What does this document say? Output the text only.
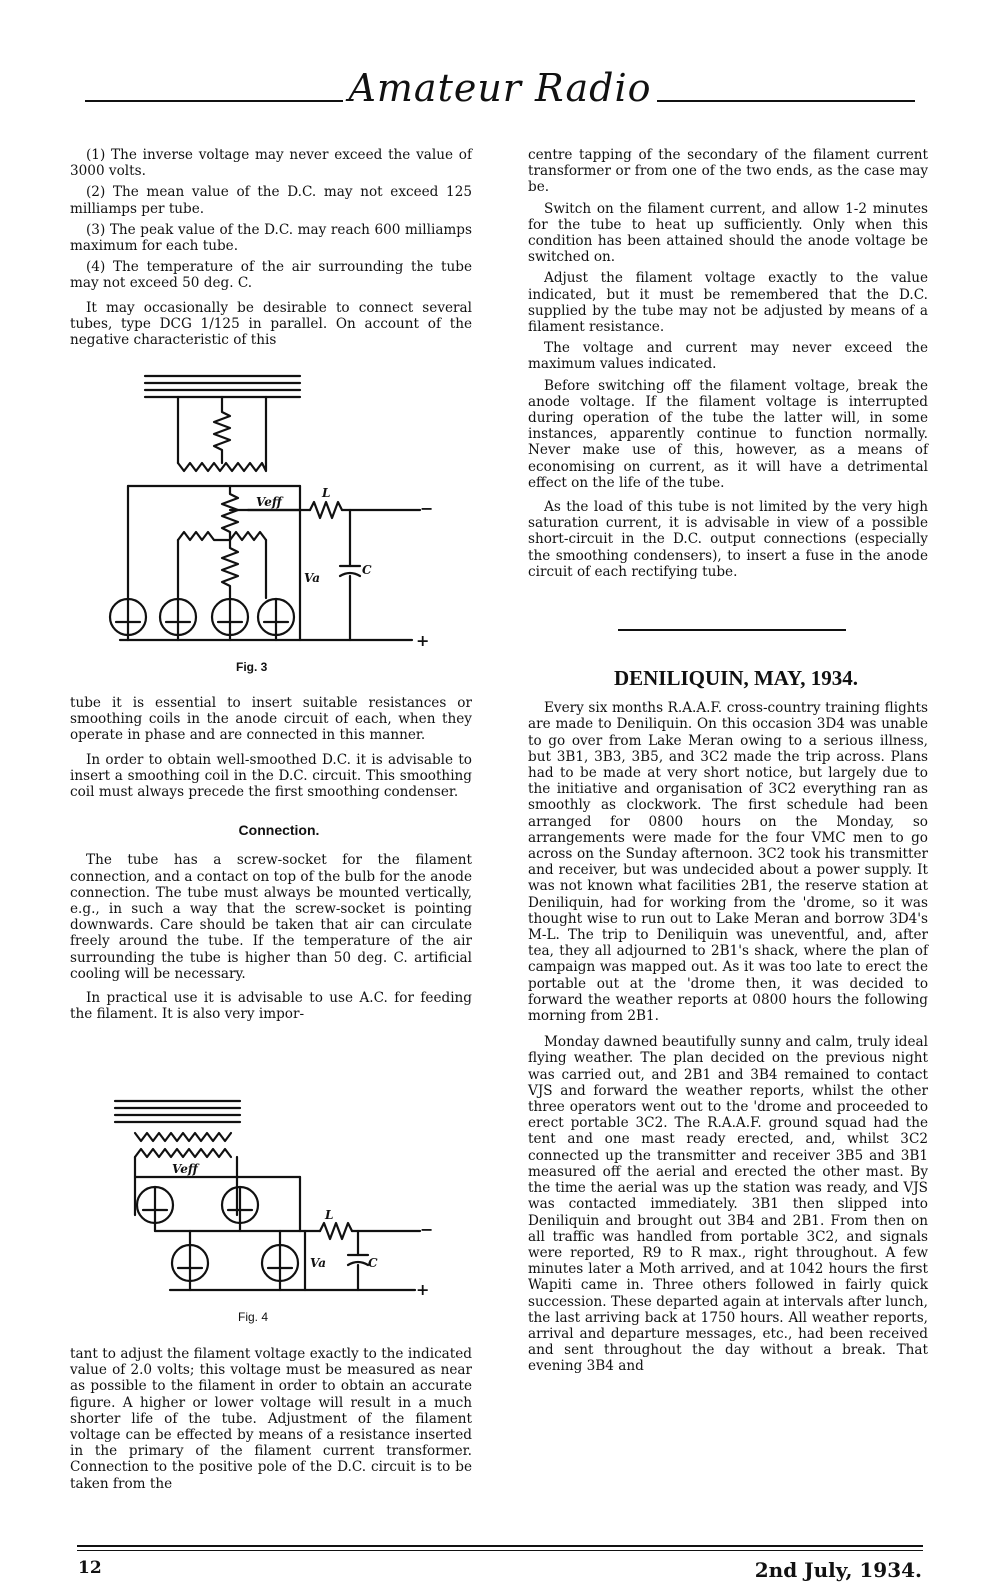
Amateur Radio

(1) The inverse voltage may never exceed the value of 3000 volts.

(2) The mean value of the D.C. may not exceed 125 milliamps per tube.

(3) The peak value of the D.C. may reach 600 milliamps maximum for each tube.

(4) The temperature of the air surrounding the tube may not exceed 50 deg. C.

It may occasionally be desirable to connect several tubes, type DCG 1/125 in parallel. On account of the negative characteristic of this

Veff
L
Va
C
−
+
Fig. 3

tube it is essential to insert suitable resistances or smoothing coils in the anode circuit of each, when they operate in phase and are connected in this manner.

In order to obtain well-smoothed D.C. it is advisable to insert a smoothing coil in the D.C. circuit. This smoothing coil must always precede the first smoothing condenser.

Connection.

The tube has a screw-socket for the filament connection, and a contact on top of the bulb for the anode connection. The tube must always be mounted vertically, e.g., in such a way that the screw-socket is pointing downwards. Care should be taken that air can circulate freely around the tube. If the temperature of the air surrounding the tube is higher than 50 deg. C. artificial cooling will be necessary.

In practical use it is advisable to use A.C. for feeding the filament. It is also very impor-

Veff
L
Va	C
−
+
Fig. 4

tant to adjust the filament voltage exactly to the indicated value of 2.0 volts; this voltage must be measured as near as possible to the filament in order to obtain an accurate figure. A higher or lower voltage will result in a much shorter life of the tube. Adjustment of the filament voltage can be effected by means of a resistance inserted in the primary of the filament current transformer. Connection to the positive pole of the D.C. circuit is to be taken from the

centre tapping of the secondary of the filament current transformer or from one of the two ends, as the case may be.

Switch on the filament current, and allow 1-2 minutes for the tube to heat up sufficiently. Only when this condition has been attained should the anode voltage be switched on.

Adjust the filament voltage exactly to the value indicated, but it must be remembered that the D.C. supplied by the tube may not be adjusted by means of a filament resistance.

The voltage and current may never exceed the maximum values indicated.

Before switching off the filament voltage, break the anode voltage. If the filament voltage is interrupted during operation of the tube the latter will, in some instances, apparently continue to function normally. Never make use of this, however, as a means of economising on current, as it will have a detrimental effect on the life of the tube.

As the load of this tube is not limited by the very high saturation current, it is advisable in view of a possible short-circuit in the D.C. output connections (especially the smoothing condensers), to insert a fuse in the anode circuit of each rectifying tube.

DENILIQUIN, MAY, 1934.

Every six months R.A.A.F. cross-country training flights are made to Deniliquin. On this occasion 3D4 was unable to go over from Lake Meran owing to a serious illness, but 3B1, 3B3, 3B5, and 3C2 made the trip across. Plans had to be made at very short notice, but largely due to the initiative and organisation of 3C2 everything ran as smoothly as clockwork. The first schedule had been arranged for 0800 hours on the Monday, so arrangements were made for the four VMC men to go across on the Sunday afternoon. 3C2 took his transmitter and receiver, but was undecided about a power supply. It was not known what facilities 2B1, the reserve station at Deniliquin, had for working from the 'drome, so it was thought wise to run out to Lake Meran and borrow 3D4's M-L. The trip to Deniliquin was uneventful, and, after tea, they all adjourned to 2B1's shack, where the plan of campaign was mapped out. As it was too late to erect the portable out at the 'drome then, it was decided to forward the weather reports at 0800 hours the following morning from 2B1.

Monday dawned beautifully sunny and calm, truly ideal flying weather. The plan decided on the previous night was carried out, and 2B1 and 3B4 remained to contact VJS and forward the weather reports, whilst the other three operators went out to the 'drome and proceeded to erect portable 3C2. The R.A.A.F. ground squad had the tent and one mast ready erected, and, whilst 3C2 connected up the transmitter and receiver 3B5 and 3B1 measured off the aerial and erected the other mast. By the time the aerial was up the station was ready, and VJS was contacted immediately. 3B1 then slipped into Deniliquin and brought out 3B4 and 2B1. From then on all traffic was handled from portable 3C2, and signals were reported, R9 to R max., right throughout. A few minutes later a Moth arrived, and at 1042 hours the first Wapiti came in. Three others followed in fairly quick succession. These departed again at intervals after lunch, the last arriving back at 1750 hours. All weather reports, arrival and departure messages, etc., had been received and sent throughout the day without a break. That evening 3B4 and

12	2nd July, 1934.
